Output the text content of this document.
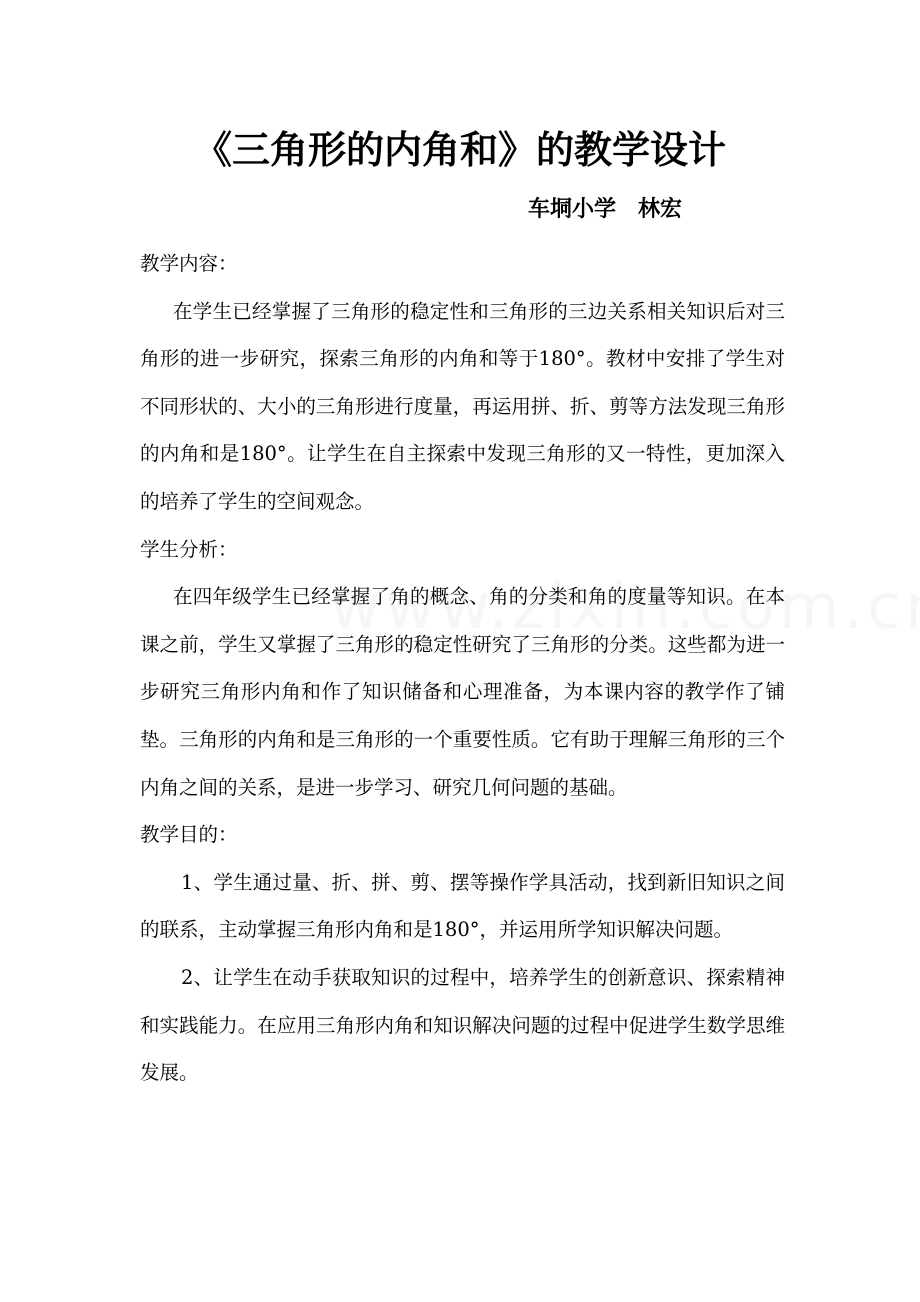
《三角形的内角和》的教学设计
车垌小学 林宏

教学内容：

在学生已经掌握了三角形的稳定性和三角形的三边关系相关知识后对三角形的进一步研究，探索三角形的内角和等于180°。教材中安排了学生对不同形状的、大小的三角形进行度量，再运用拼、折、剪等方法发现三角形的内角和是180°。让学生在自主探索中发现三角形的又一特性，更加深入的培养了学生的空间观念。

学生分析：

在四年级学生已经掌握了角的概念、角的分类和角的度量等知识。在本课之前，学生又掌握了三角形的稳定性研究了三角形的分类。这些都为进一步研究三角形内角和作了知识储备和心理准备，为本课内容的教学作了铺垫。三角形的内角和是三角形的一个重要性质。它有助于理解三角形的三个内角之间的关系，是进一步学习、研究几何问题的基础。

教学目的：

1、学生通过量、折、拼、剪、摆等操作学具活动，找到新旧知识之间的联系，主动掌握三角形内角和是180°，并运用所学知识解决问题。

2、让学生在动手获取知识的过程中，培养学生的创新意识、探索精神和实践能力。在应用三角形内角和知识解决问题的过程中促进学生数学思维发展。
